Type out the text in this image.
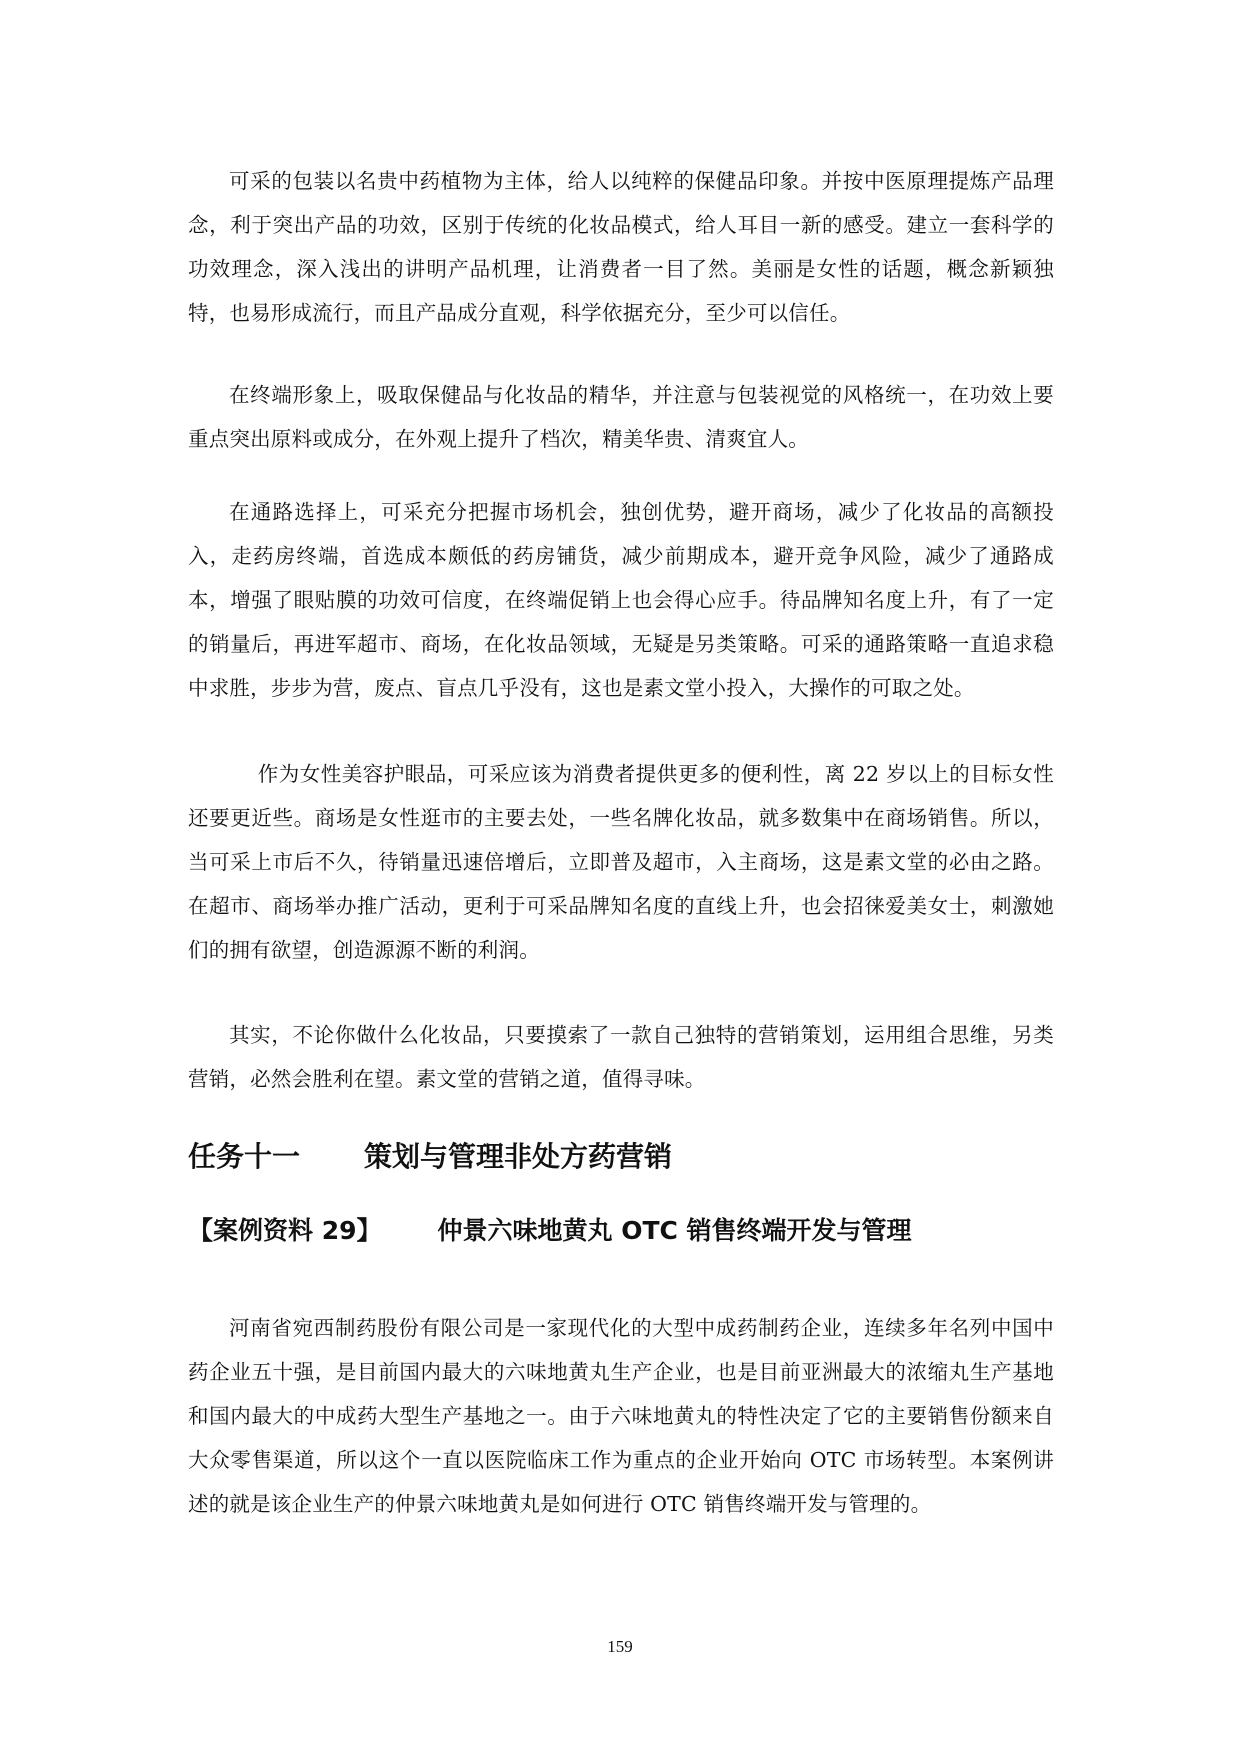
可采的包装以名贵中药植物为主体，给人以纯粹的保健品印象。并按中医原理提炼产品理念，利于突出产品的功效，区别于传统的化妆品模式，给人耳目一新的感受。建立一套科学的功效理念，深入浅出的讲明产品机理，让消费者一目了然。美丽是女性的话题，概念新颖独特，也易形成流行，而且产品成分直观，科学依据充分，至少可以信任。

在终端形象上，吸取保健品与化妆品的精华，并注意与包装视觉的风格统一，在功效上要重点突出原料或成分，在外观上提升了档次，精美华贵、清爽宜人。

在通路选择上，可采充分把握市场机会，独创优势，避开商场，减少了化妆品的高额投入，走药房终端，首选成本颇低的药房铺货，减少前期成本，避开竞争风险，减少了通路成本，增强了眼贴膜的功效可信度，在终端促销上也会得心应手。待品牌知名度上升，有了一定的销量后，再进军超市、商场，在化妆品领域，无疑是另类策略。可采的通路策略一直追求稳中求胜，步步为营，废点、盲点几乎没有，这也是素文堂小投入，大操作的可取之处。

作为女性美容护眼品，可采应该为消费者提供更多的便利性，离 22 岁以上的目标女性还要更近些。商场是女性逛市的主要去处，一些名牌化妆品，就多数集中在商场销售。所以，当可采上市后不久，待销量迅速倍增后，立即普及超市，入主商场，这是素文堂的必由之路。在超市、商场举办推广活动，更利于可采品牌知名度的直线上升，也会招徕爱美女士，刺激她们的拥有欲望，创造源源不断的利润。

其实，不论你做什么化妆品，只要摸索了一款自己独特的营销策划，运用组合思维，另类营销，必然会胜利在望。素文堂的营销之道，值得寻味。

任务十一 策划与管理非处方药营销
【案例资料 29】 仲景六味地黄丸 OTC 销售终端开发与管理

河南省宛西制药股份有限公司是一家现代化的大型中成药制药企业，连续多年名列中国中药企业五十强，是目前国内最大的六味地黄丸生产企业，也是目前亚洲最大的浓缩丸生产基地和国内最大的中成药大型生产基地之一。由于六味地黄丸的特性决定了它的主要销售份额来自大众零售渠道，所以这个一直以医院临床工作为重点的企业开始向 OTC 市场转型。本案例讲述的就是该企业生产的仲景六味地黄丸是如何进行 OTC 销售终端开发与管理的。

159
